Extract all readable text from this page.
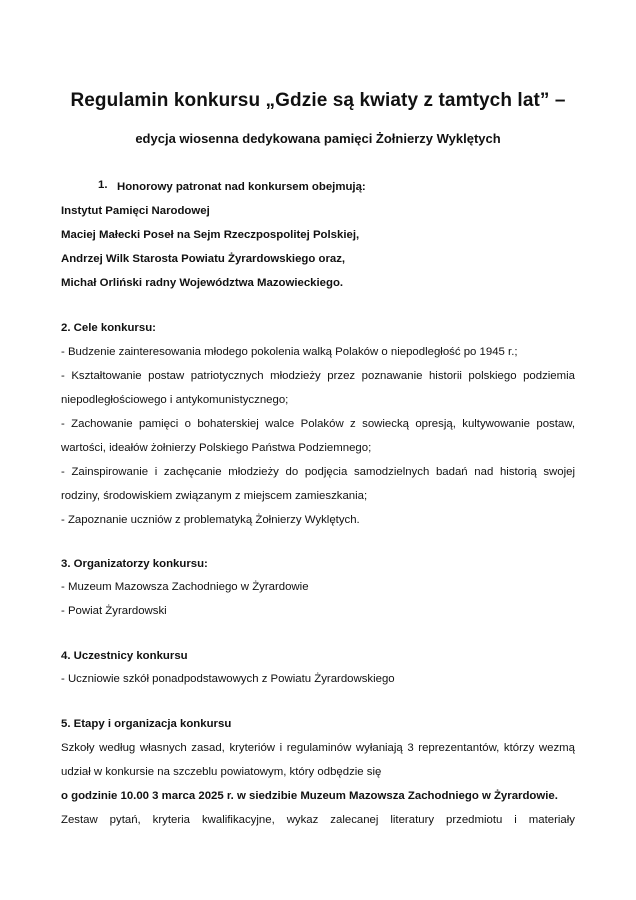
Regulamin konkursu „Gdzie są kwiaty z tamtych lat” –
edycja wiosenna dedykowana pamięci Żołnierzy Wyklętych
1. Honorowy patronat nad konkursem obejmują:
Instytut Pamięci Narodowej
Maciej Małecki Poseł na Sejm Rzeczpospolitej Polskiej,
Andrzej Wilk Starosta Powiatu Żyrardowskiego oraz,
Michał Orliński radny Województwa Mazowieckiego.
2. Cele konkursu:
- Budzenie zainteresowania młodego pokolenia walką Polaków o niepodległość po 1945 r.;
- Kształtowanie postaw patriotycznych młodzieży przez poznawanie historii polskiego podziemia
niepodległościowego i antykomunistycznego;
- Zachowanie pamięci o bohaterskiej walce Polaków z sowiecką opresją, kultywowanie postaw,
wartości, ideałów żołnierzy Polskiego Państwa Podziemnego;
- Zainspirowanie i zachęcanie młodzieży do podjęcia samodzielnych badań nad historią swojej
rodziny, środowiskiem związanym z miejscem zamieszkania;
- Zapoznanie uczniów z problematyką Żołnierzy Wyklętych.
3. Organizatorzy konkursu:
- Muzeum Mazowsza Zachodniego w Żyrardowie
- Powiat Żyrardowski
4. Uczestnicy konkursu
- Uczniowie szkół ponadpodstawowych z Powiatu Żyrardowskiego
5. Etapy i organizacja konkursu
Szkoły według własnych zasad, kryteriów i regulaminów wyłaniają 3 reprezentantów, którzy wezmą
udział w konkursie na szczeblu powiatowym, który odbędzie się
o godzinie 10.00 3 marca 2025 r. w siedzibie Muzeum Mazowsza Zachodniego w Żyrardowie.
Zestaw pytań, kryteria kwalifikacyjne, wykaz zalecanej literatury przedmiotu i materiały
